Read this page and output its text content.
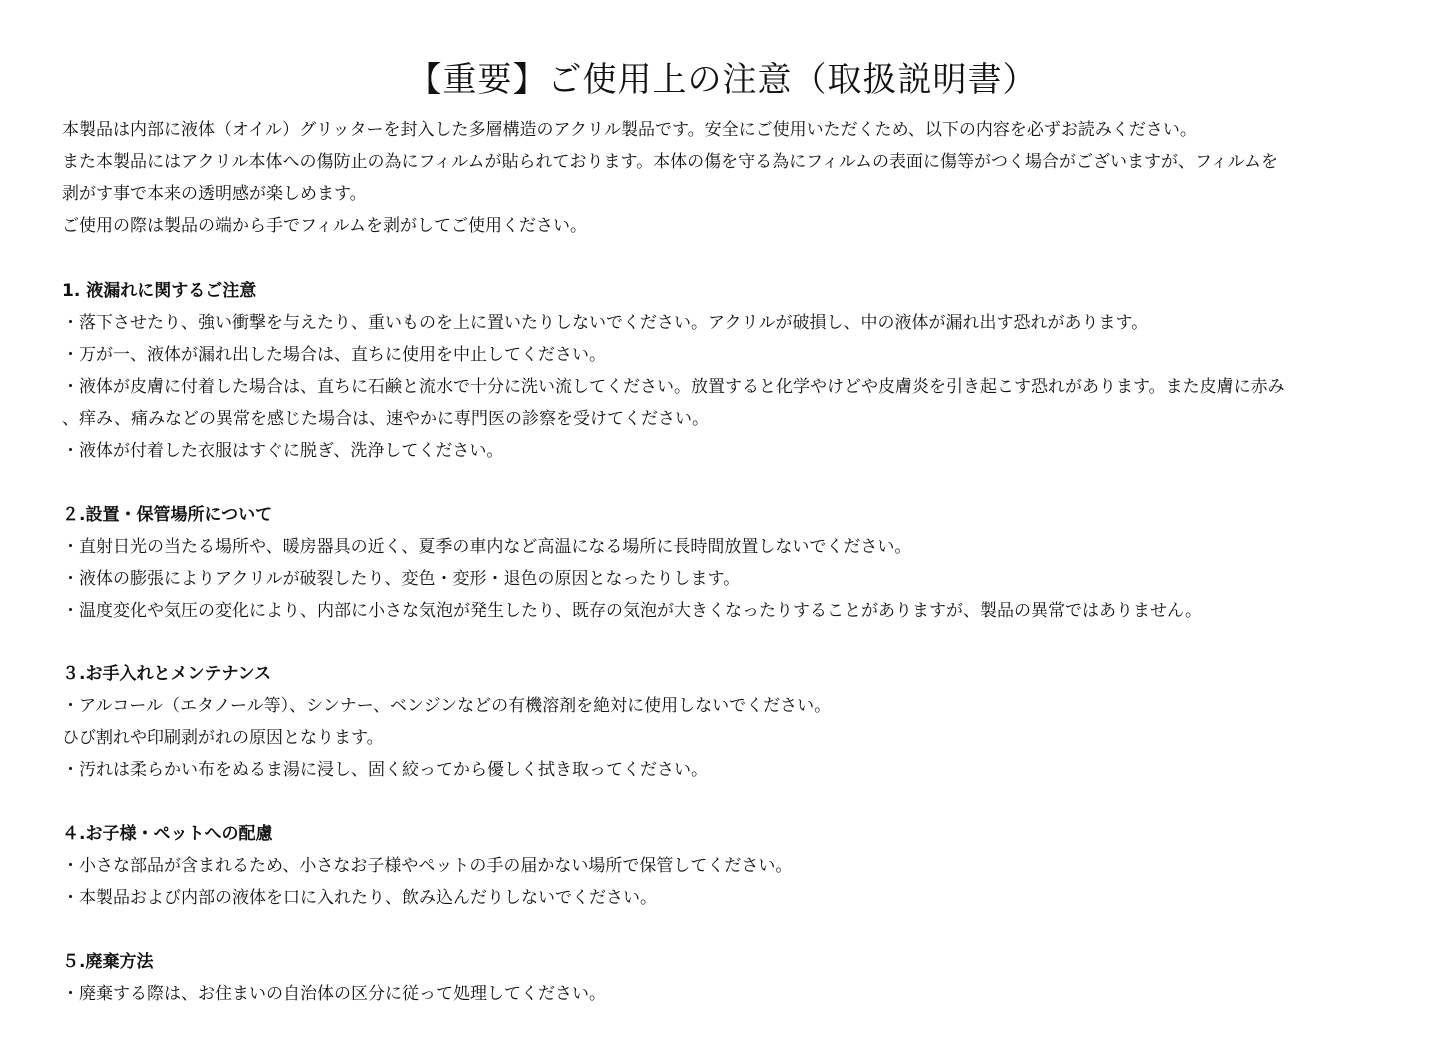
【重要】ご使用上の注意（取扱説明書）
本製品は内部に液体（オイル）グリッターを封入した多層構造のアクリル製品です。安全にご使用いただくため、以下の内容を必ずお読みください。
また本製品にはアクリル本体への傷防止の為にフィルムが貼られております。本体の傷を守る為にフィルムの表面に傷等がつく場合がございますが、フィルムを
剥がす事で本来の透明感が楽しめます。
ご使用の際は製品の端から手でフィルムを剥がしてご使用ください。
1. 液漏れに関するご注意
・落下させたり、強い衝撃を与えたり、重いものを上に置いたりしないでください。アクリルが破損し、中の液体が漏れ出す恐れがあります。
・万が一、液体が漏れ出した場合は、直ちに使用を中止してください。
・液体が皮膚に付着した場合は、直ちに石鹸と流水で十分に洗い流してください。放置すると化学やけどや皮膚炎を引き起こす恐れがあります。また皮膚に赤み
、痒み、痛みなどの異常を感じた場合は、速やかに専門医の診察を受けてください。
・液体が付着した衣服はすぐに脱ぎ、洗浄してください。
２.設置・保管場所について
・直射日光の当たる場所や、暖房器具の近く、夏季の車内など高温になる場所に長時間放置しないでください。
・液体の膨張によりアクリルが破裂したり、変色・変形・退色の原因となったりします。
・温度変化や気圧の変化により、内部に小さな気泡が発生したり、既存の気泡が大きくなったりすることがありますが、製品の異常ではありません。
３.お手入れとメンテナンス
・アルコール（エタノール等）、シンナー、ベンジンなどの有機溶剤を絶対に使用しないでください。
ひび割れや印刷剥がれの原因となります。
・汚れは柔らかい布をぬるま湯に浸し、固く絞ってから優しく拭き取ってください。
４.お子様・ペットへの配慮
・小さな部品が含まれるため、小さなお子様やペットの手の届かない場所で保管してください。
・本製品および内部の液体を口に入れたり、飲み込んだりしないでください。
５.廃棄方法
・廃棄する際は、お住まいの自治体の区分に従って処理してください。
